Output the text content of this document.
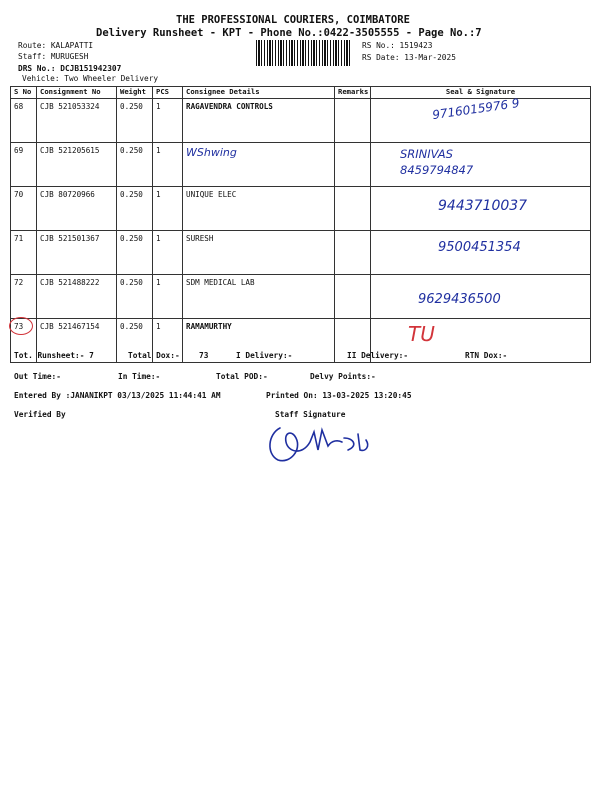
THE PROFESSIONAL COURIERS, COIMBATORE
Delivery Runsheet - KPT - Phone No.:0422-3505555 - Page No.:7
Route: KALAPATTI
Staff: MURUGESH
DRS No.: DCJB151942307
Vehicle: Two Wheeler Delivery
RS No.: 1519423
RS Date: 13-Mar-2025
S No	Consignment No	Weight	PCS	Consignee Details	Remarks	Seal & Signature
68	CJB 521053324	0.250	1	RAGAVENDRA CONTROLS		9716015976 9
69	CJB 521205615	0.250	1	WShwing		SRINIVAS 8459794847
70	CJB 80720966	0.250	1	UNIQUE ELEC		9443710037
71	CJB 521501367	0.250	1	SURESH		9500451354
72	CJB 521488222	0.250	1	SDM MEDICAL LAB		9629436500
73	CJB 521467154	0.250	1	RAMAMURTHY		TU
Tot. Runsheet:- 7	Total Dox:- 73	I Delivery:-	II Delivery:-	RTN Dox:-
Out Time:-	In Time:-	Total POD:-	Delvy Points:-
Entered By :JANANIKPT 03/13/2025 11:44:41 AM	Printed On: 13-03-2025 13:20:45
Verified By	Staff Signature
